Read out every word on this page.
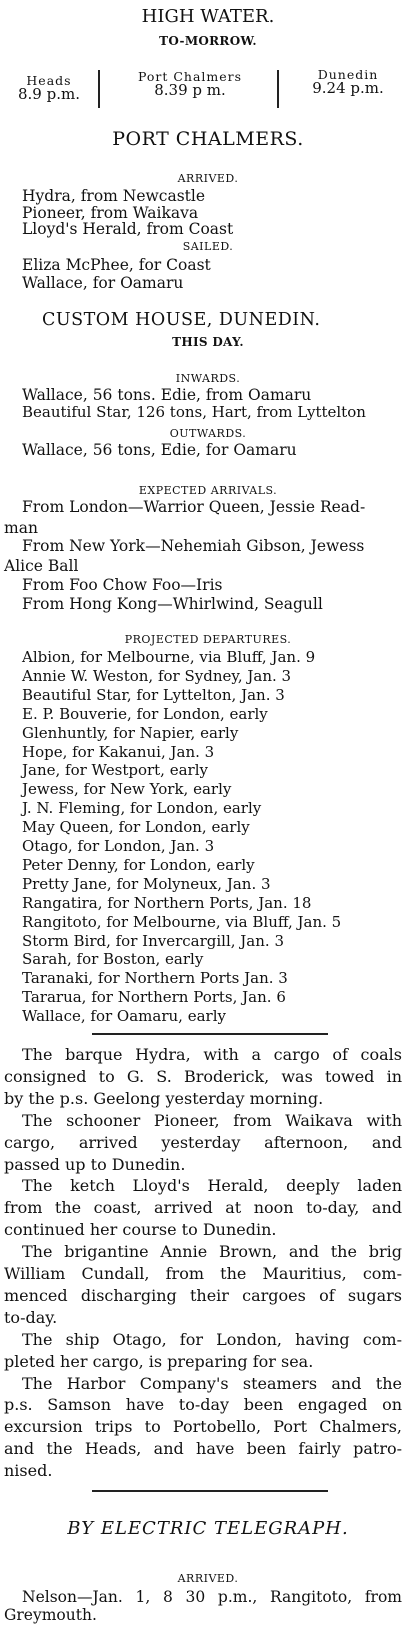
HIGH WATER.
TO-MORROW.
Heads
8.9 p.m.
Port Chalmers
8.39 p m.
Dunedin
9.24 p.m.
PORT CHALMERS.
ARRIVED.
Hydra, from Newcastle
Pioneer, from Waikava
Lloyd's Herald, from Coast
SAILED.
Eliza McPhee, for Coast
Wallace, for Oamaru
CUSTOM HOUSE, DUNEDIN.
THIS DAY.
INWARDS.
Wallace, 56 tons. Edie, from Oamaru
Beautiful Star, 126 tons, Hart, from Lyttelton
OUTWARDS.
Wallace, 56 tons, Edie, for Oamaru
EXPECTED ARRIVALS.
From London—Warrior Queen, Jessie Read-
man
From New York—Nehemiah Gibson, Jewess
Alice Ball
From Foo Chow Foo—Iris
From Hong Kong—Whirlwind, Seagull
PROJECTED DEPARTURES.
Albion, for Melbourne, via Bluff, Jan. 9
Annie W. Weston, for Sydney, Jan. 3
Beautiful Star, for Lyttelton, Jan. 3
E. P. Bouverie, for London, early
Glenhuntly, for Napier, early
Hope, for Kakanui, Jan. 3
Jane, for Westport, early
Jewess, for New York, early
J. N. Fleming, for London, early
May Queen, for London, early
Otago, for London, Jan. 3
Peter Denny, for London, early
Pretty Jane, for Molyneux, Jan. 3
Rangatira, for Northern Ports, Jan. 18
Rangitoto, for Melbourne, via Bluff, Jan. 5
Storm Bird, for Invercargill, Jan. 3
Sarah, for Boston, early
Taranaki, for Northern Ports Jan. 3
Tararua, for Northern Ports, Jan. 6
Wallace, for Oamaru, early
The barque Hydra, with a cargo of coals
consigned to G. S. Broderick, was towed in
by the p.s. Geelong yesterday morning.
The schooner Pioneer, from Waikava with
cargo, arrived yesterday afternoon, and
passed up to Dunedin.
The ketch Lloyd's Herald, deeply laden
from the coast, arrived at noon to-day, and
continued her course to Dunedin.
The brigantine Annie Brown, and the brig
William Cundall, from the Mauritius, com-
menced discharging their cargoes of sugars
to-day.
The ship Otago, for London, having com-
pleted her cargo, is preparing for sea.
The Harbor Company's steamers and the
p.s. Samson have to-day been engaged on
excursion trips to Portobello, Port Chalmers,
and the Heads, and have been fairly patro-
nised.
BY ELECTRIC TELEGRAPH.
ARRIVED.
Nelson—Jan. 1, 8 30 p.m., Rangitoto, from
Greymouth.
